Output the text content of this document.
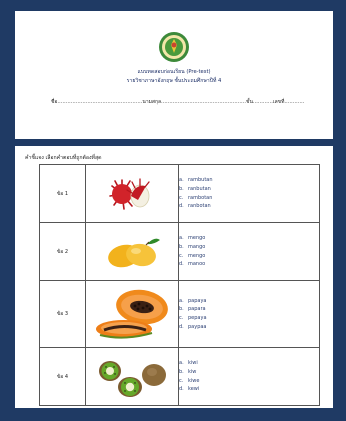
แบบทดสอบก่อนเรียน (Pre-test)
รายวิชาภาษาอังกฤษ ชั้นประถมศึกษาปีที่ 4
ชื่อ……………………………………………นามสกุล……………………………………………ชั้น…………เลขที่…………
คำชี้แจง เลือกคำตอบที่ถูกต้องที่สุด
ข้อ 1		a. rambutan
b. ranbutan
c. rambotan
d. ranbotan

ข้อ 2		a. mengo
b. mango
c. mengo
d. manoo

ข้อ 3		a. papaya
b. papara
c. pepaya
d. paypaa

ข้อ 4		a. kiwi
b. kiw
c. kiwe
d. kewi
